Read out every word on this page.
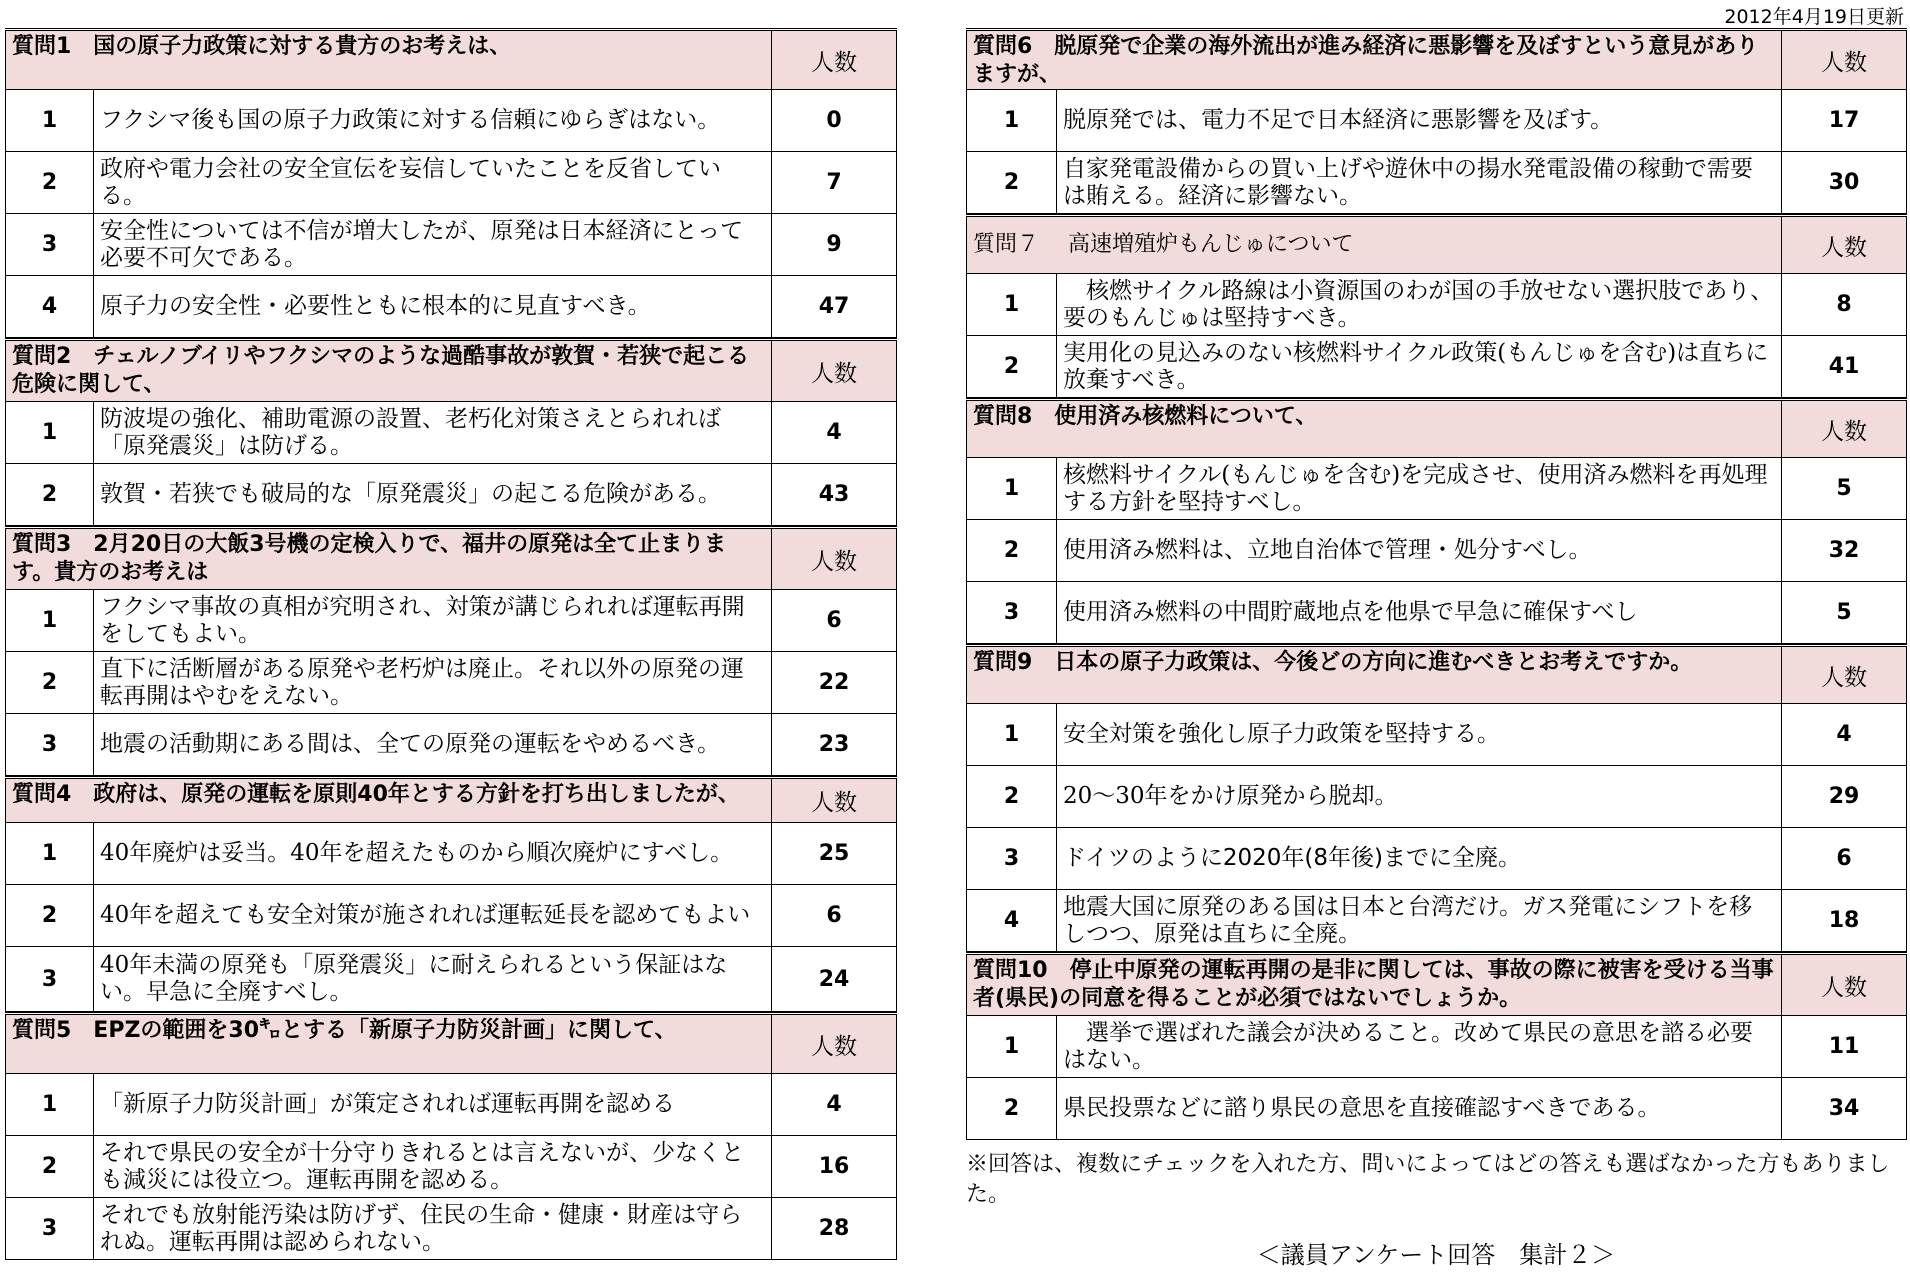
2012年4月19日更新
質問1　国の原子力政策に対する貴方のお考えは、		人数
1	フクシマ後も国の原子力政策に対する信頼にゆらぎはない。	0
2	政府や電力会社の安全宣伝を妄信していたことを反省している。	7
3	安全性については不信が増大したが、原発は日本経済にとって必要不可欠である。	9
4	原子力の安全性・必要性ともに根本的に見直すべき。	47
質問2　チェルノブイリやフクシマのような過酷事故が敦賀・若狭で起こる危険に関して、		人数
1	防波堤の強化、補助電源の設置、老朽化対策さえとられれば「原発震災」は防げる。	4
2	敦賀・若狭でも破局的な「原発震災」の起こる危険がある。	43
質問3　2月20日の大飯3号機の定検入りで、福井の原発は全て止まります。貴方のお考えは		人数
1	フクシマ事故の真相が究明され、対策が講じられれば運転再開をしてもよい。	6
2	直下に活断層がある原発や老朽炉は廃止。それ以外の原発の運転再開はやむをえない。	22
3	地震の活動期にある間は、全ての原発の運転をやめるべき。	23
質問4　政府は、原発の運転を原則40年とする方針を打ち出しましたが、		人数
1	40年廃炉は妥当。40年を超えたものから順次廃炉にすべし。	25
2	40年を超えても安全対策が施されれば運転延長を認めてもよい	6
3	40年未満の原発も「原発震災」に耐えられるという保証はない。早急に全廃すべし。	24
質問5　EPZの範囲を30㌔とする「新原子力防災計画」に関して、		人数
1	「新原子力防災計画」が策定されれば運転再開を認める	4
2	それで県民の安全が十分守りきれるとは言えないが、少なくとも減災には役立つ。運転再開を認める。	16
3	それでも放射能汚染は防げず、住民の生命・健康・財産は守られぬ。運転再開は認められない。	28
質問6　脱原発で企業の海外流出が進み経済に悪影響を及ぼすという意見がありますが、		人数
1	脱原発では、電力不足で日本経済に悪影響を及ぼす。	17
2	自家発電設備からの買い上げや遊休中の揚水発電設備の稼動で需要は賄える。経済に影響ない。	30
質問７　 高速増殖炉もんじゅについて		人数
1	　核燃サイクル路線は小資源国のわが国の手放せない選択肢であり、要のもんじゅは堅持すべき。	8
2	実用化の見込みのない核燃料サイクル政策(もんじゅを含む)は直ちに放棄すべき。	41
質問8　使用済み核燃料について、		人数
1	核燃料サイクル(もんじゅを含む)を完成させ、使用済み燃料を再処理する方針を堅持すべし。	5
2	使用済み燃料は、立地自治体で管理・処分すべし。	32
3	使用済み燃料の中間貯蔵地点を他県で早急に確保すべし	5
質問9　日本の原子力政策は、今後どの方向に進むべきとお考えですか。		人数
1	安全対策を強化し原子力政策を堅持する。	4
2	20～30年をかけ原発から脱却。	29
3	ドイツのように2020年(8年後)までに全廃。	6
4	地震大国に原発のある国は日本と台湾だけ。ガス発電にシフトを移しつつ、原発は直ちに全廃。	18
質問10　停止中原発の運転再開の是非に関しては、事故の際に被害を受ける当事者(県民)の同意を得ることが必須ではないでしょうか。		人数
1	　選挙で選ばれた議会が決めること。改めて県民の意思を諮る必要はない。	11
2	県民投票などに諮り県民の意思を直接確認すべきである。	34
※回答は、複数にチェックを入れた方、問いによってはどの答えも選ばなかった方もありました。
＜議員アンケート回答　集計２＞
